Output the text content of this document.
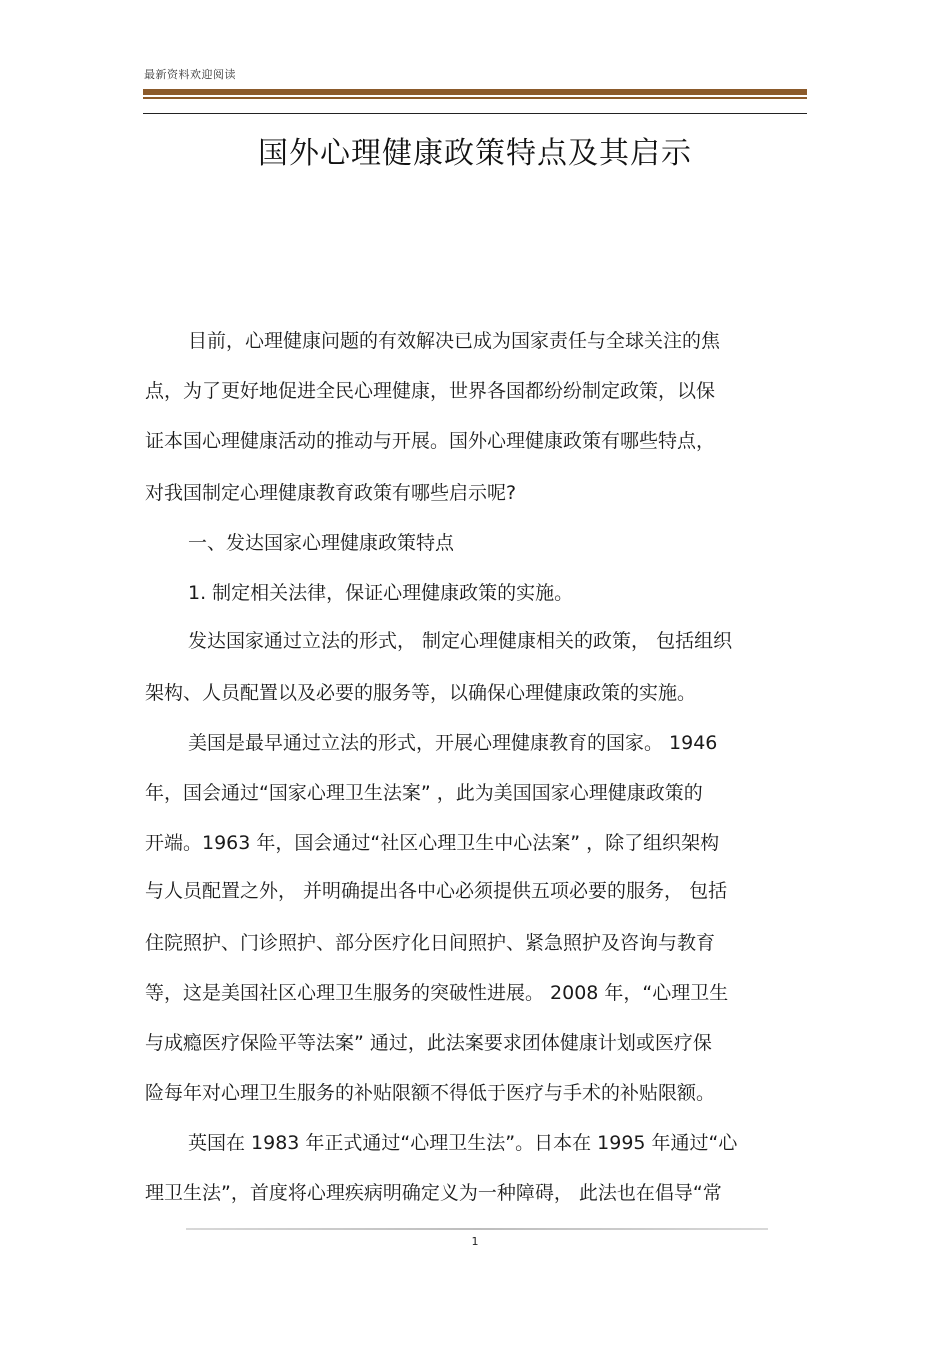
最新资料欢迎阅读
国外心理健康政策特点及其启示
目前，心理健康问题的有效解决已成为国家责任与全球关注的焦
点，为了更好地促进全民心理健康，世界各国都纷纷制定政策，以保
证本国心理健康活动的推动与开展。国外心理健康政策有哪些特点，
对我国制定心理健康教育政策有哪些启示呢?
一、发达国家心理健康政策特点
1. 制定相关法律，保证心理健康政策的实施。
发达国家通过立法的形式， 制定心理健康相关的政策， 包括组织
架构、人员配置以及必要的服务等，以确保心理健康政策的实施。
美国是最早通过立法的形式，开展心理健康教育的国家。 1946
年，国会通过“国家心理卫生法案” ，此为美国国家心理健康政策的
开端。1963 年，国会通过“社区心理卫生中心法案” ，除了组织架构
与人员配置之外， 并明确提出各中心必须提供五项必要的服务， 包括
住院照护、门诊照护、部分医疗化日间照护、紧急照护及咨询与教育
等，这是美国社区心理卫生服务的突破性进展。 2008 年，“心理卫生
与成瘾医疗保险平等法案” 通过，此法案要求团体健康计划或医疗保
险每年对心理卫生服务的补贴限额不得低于医疗与手术的补贴限额。
英国在 1983 年正式通过“心理卫生法”。日本在 1995 年通过“心
理卫生法”，首度将心理疾病明确定义为一种障碍， 此法也在倡导“常
1
